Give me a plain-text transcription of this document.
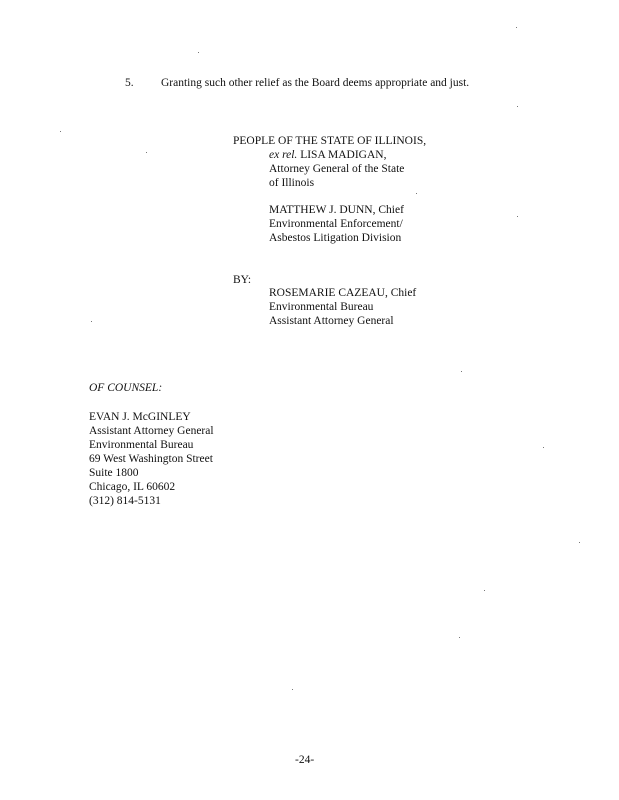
5. Granting such other relief as the Board deems appropriate and just.
PEOPLE OF THE STATE OF ILLINOIS,
ex rel. LISA MADIGAN,
Attorney General of the State
of Illinois
MATTHEW J. DUNN, Chief
Environmental Enforcement/
Asbestos Litigation Division
BY:
ROSEMARIE CAZEAU, Chief
Environmental Bureau
Assistant Attorney General
OF COUNSEL:
EVAN J. McGINLEY
Assistant Attorney General
Environmental Bureau
69 West Washington Street
Suite 1800
Chicago, IL 60602
(312) 814-5131
-24-
